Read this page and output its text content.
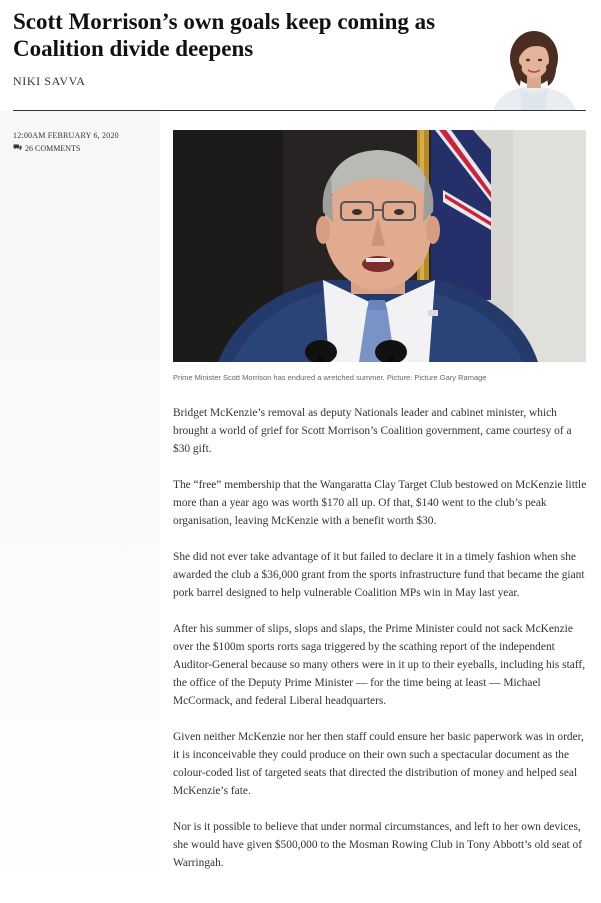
Scott Morrison’s own goals keep coming as Coalition divide deepens
NIKI SAVVA
12:00AM FEBRUARY 6, 2020
26 COMMENTS
Prime Minister Scott Morrison has endured a wretched summer. Picture: Picture Gary Ramage

Bridget McKenzie’s removal as deputy Nationals leader and cabinet minister, which brought a world of grief for Scott Morrison’s Coalition government, came courtesy of a $30 gift.

The “free” membership that the Wangaratta Clay Target Club bestowed on McKenzie little more than a year ago was worth $170 all up. Of that, $140 went to the club’s peak organisation, leaving McKenzie with a benefit worth $30.

She did not ever take advantage of it but failed to declare it in a timely fashion when she awarded the club a $36,000 grant from the sports infrastructure fund that became the giant pork barrel designed to help vulnerable Coalition MPs win in May last year.

After his summer of slips, slops and slaps, the Prime Minister could not sack McKenzie over the $100m sports rorts saga triggered by the scathing report of the independent Auditor-General because so many others were in it up to their eyeballs, including his staff, the office of the Deputy Prime Minister — for the time being at least — Michael McCormack, and federal Liberal headquarters.

Given neither McKenzie nor her then staff could ensure her basic paperwork was in order, it is inconceivable they could produce on their own such a spectacular document as the colour-coded list of targeted seats that directed the distribution of money and helped seal McKenzie’s fate.

Nor is it possible to believe that under normal circumstances, and left to her own devices, she would have given $500,000 to the Mosman Rowing Club in Tony Abbott’s old seat of Warringah.
